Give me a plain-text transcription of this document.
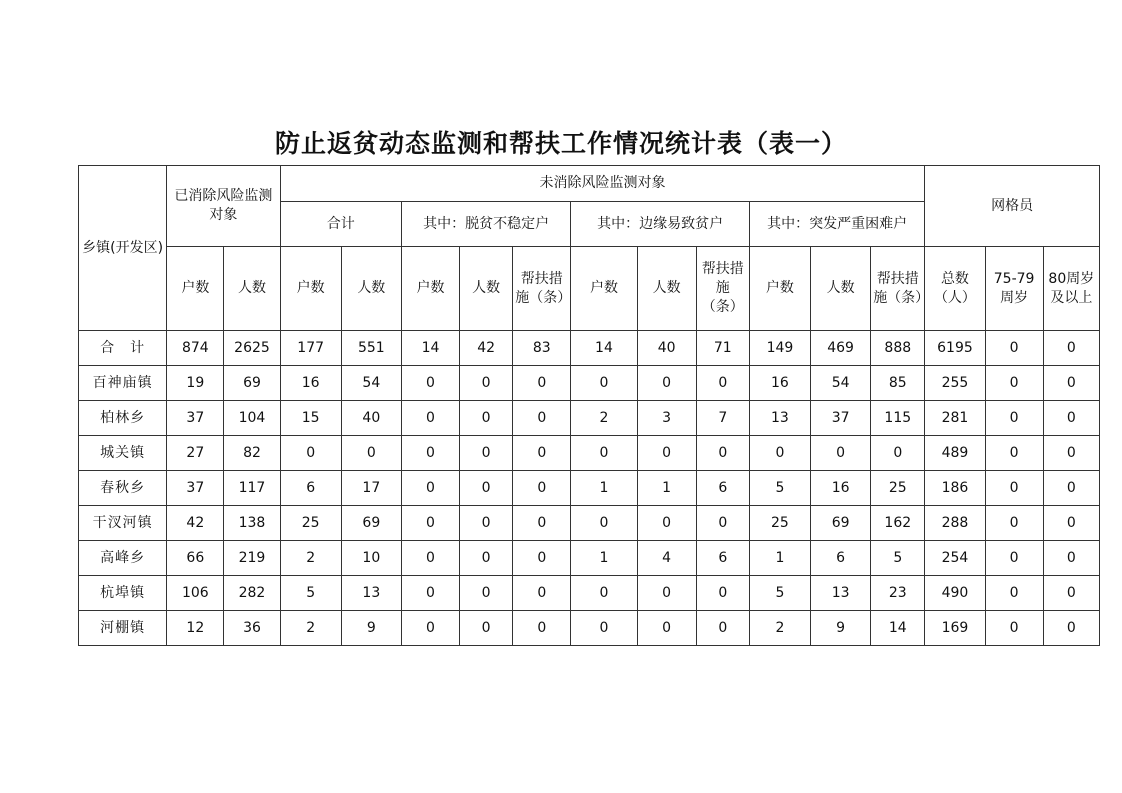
防止返贫动态监测和帮扶工作情况统计表（表一）
乡镇(开发区)	已消除风险监测对象		未消除风险监测对象											网格员		
			合计		其中：脱贫不稳定户			其中：边缘易致贫户			其中：突发严重困难户					
	户数	人数	户数	人数	户数	人数	帮扶措施（条）	户数	人数	帮扶措施（条）	户数	人数	帮扶措施（条）	总数（人）	75-79周岁	80周岁及以上
合　计	874	2625	177	551	14	42	83	14	40	71	149	469	888	6195	0	0
百神庙镇	19	69	16	54	0	0	0	0	0	0	16	54	85	255	0	0
柏林乡	37	104	15	40	0	0	0	2	3	7	13	37	115	281	0	0
城关镇	27	82	0	0	0	0	0	0	0	0	0	0	0	489	0	0
春秋乡	37	117	6	17	0	0	0	1	1	6	5	16	25	186	0	0
干汊河镇	42	138	25	69	0	0	0	0	0	0	25	69	162	288	0	0
高峰乡	66	219	2	10	0	0	0	1	4	6	1	6	5	254	0	0
杭埠镇	106	282	5	13	0	0	0	0	0	0	5	13	23	490	0	0
河棚镇	12	36	2	9	0	0	0	0	0	0	2	9	14	169	0	0
